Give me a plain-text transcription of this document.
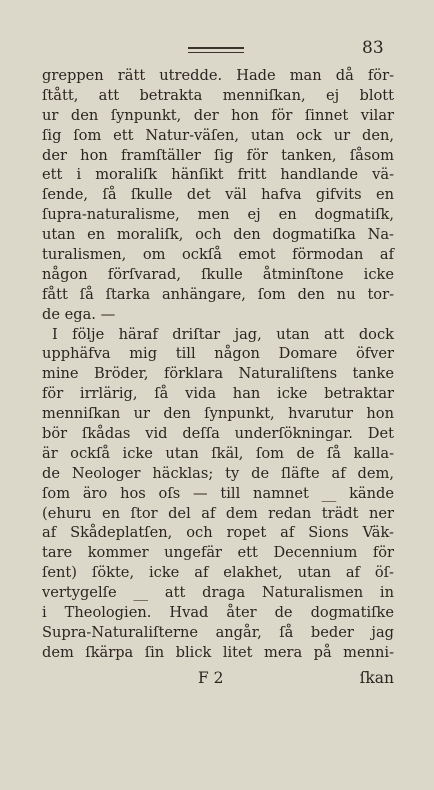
83
greppen rätt utredde. Hade man då för-
ſtått, att betrakta menniſkan, ej blott
ur den ſynpunkt, der hon för ſinnet vilar
ſig ſom ett Natur-väſen, utan ock ur den,
der hon framſtäller ſig för tanken, ſåsom
ett i moraliſk hänſikt fritt handlande vä-
ſende, ſå ſkulle det väl hafva gifvits en
ſupra-naturalisme, men ej en dogmatiſk,
utan en moraliſk, och den dogmatiſka Na-
turalismen, om ockſå emot förmodan af
någon förſvarad, ſkulle åtminſtone icke
fått ſå ſtarka anhängare, ſom den nu tor-
de ega. —
I följe häraf driſtar jag, utan att dock
upphäfva mig till någon Domare öfver
mine Bröder, förklara Naturaliſtens tanke
för irrlärig, ſå vida han icke betraktar
menniſkan ur den ſynpunkt, hvarutur hon
bör ſkådas vid deſſa underſökningar. Det
är ockſå icke utan ſkäl, ſom de ſå kalla-
de Neologer häcklas; ty de ſläfte af dem,
ſom äro hos oſs — till namnet __ kände
(ehuru en ſtor del af dem redan trädt ner
af Skådeplatſen, och ropet af Sions Väk-
tare kommer ungefär ett Decennium för
ſent) ſökte, icke af elakhet, utan af öſ-
vertygelſe __ att draga Naturalismen in
i Theologien. Hvad åter de dogmatiſke
Supra-Naturaliſterne angår, ſå beder jag
dem ſkärpa ſin blick litet mera på menni-
F 2	ſkan
